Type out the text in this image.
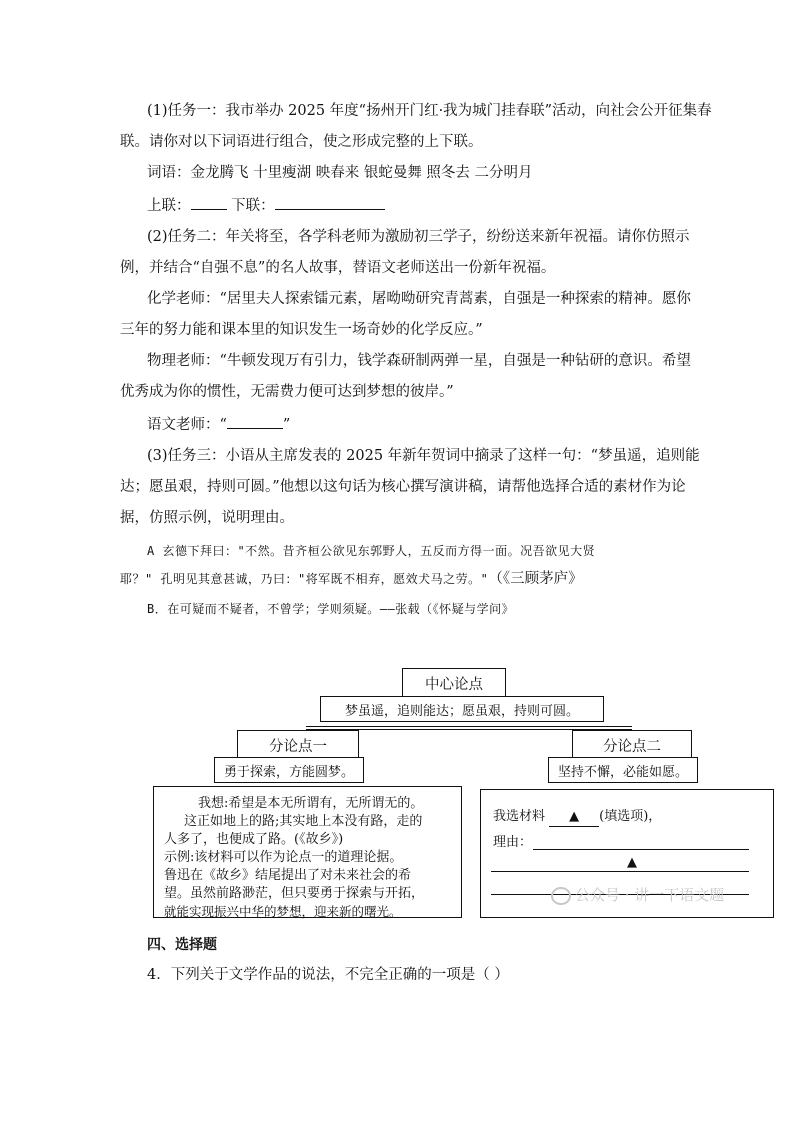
(1)任务一：我市举办 2025 年度“扬州开门红·我为城门挂春联”活动，向社会公开征集春
联。请你对以下词语进行组合，使之形成完整的上下联。
词语：金龙腾飞 十里瘦湖 映春来 银蛇曼舞 照冬去 二分明月
上联：	下联：
(2)任务二：年关将至，各学科老师为激励初三学子，纷纷送来新年祝福。请你仿照示
例，并结合“自强不息”的名人故事，替语文老师送出一份新年祝福。
化学老师：“居里夫人探索镭元素，屠呦呦研究青蒿素，自强是一种探索的精神。愿你
三年的努力能和课本里的知识发生一场奇妙的化学反应。”
物理老师：“牛顿发现万有引力，钱学森研制两弹一星，自强是一种钻研的意识。希望
优秀成为你的惯性，无需费力便可达到梦想的彼岸。”
语文老师：“	”
(3)任务三：小语从主席发表的 2025 年新年贺词中摘录了这样一句：“梦虽遥，追则能
达；愿虽艰，持则可圆。”他想以这句话为核心撰写演讲稿，请帮他选择合适的素材作为论
据，仿照示例，说明理由。
A 玄德下拜曰："不然。昔齐桓公欲见东郭野人，五反而方得一面。况吾欲见大贤
耶？" 孔明见其意甚诚，乃曰："将军既不相弃，愿效犬马之劳。"（《三顾茅庐》
B．在可疑而不疑者，不曾学；学则须疑。——张载（《怀疑与学问》
中心论点
梦虽遥，追则能达；愿虽艰，持则可圆。
分论点一
勇于探索，方能圆梦。
分论点二
坚持不懈，必能如愿。
我想:希望是本无所谓有，无所谓无的。
这正如地上的路;其实地上本没有路，走的
人多了，也便成了路。(《故乡》)
示例:该材料可以作为论点一的道理论据。
鲁迅在《故乡》结尾提出了对未来社会的希
望。虽然前路渺茫，但只要勇于探索与开拓，
就能实现振兴中华的梦想，迎来新的曙光。
我选材料 ▲ (填选项)，
理由：
▲
公众号 · 讲一下语文题
四、选择题
4．下列关于文学作品的说法，不完全正确的一项是（ ）
